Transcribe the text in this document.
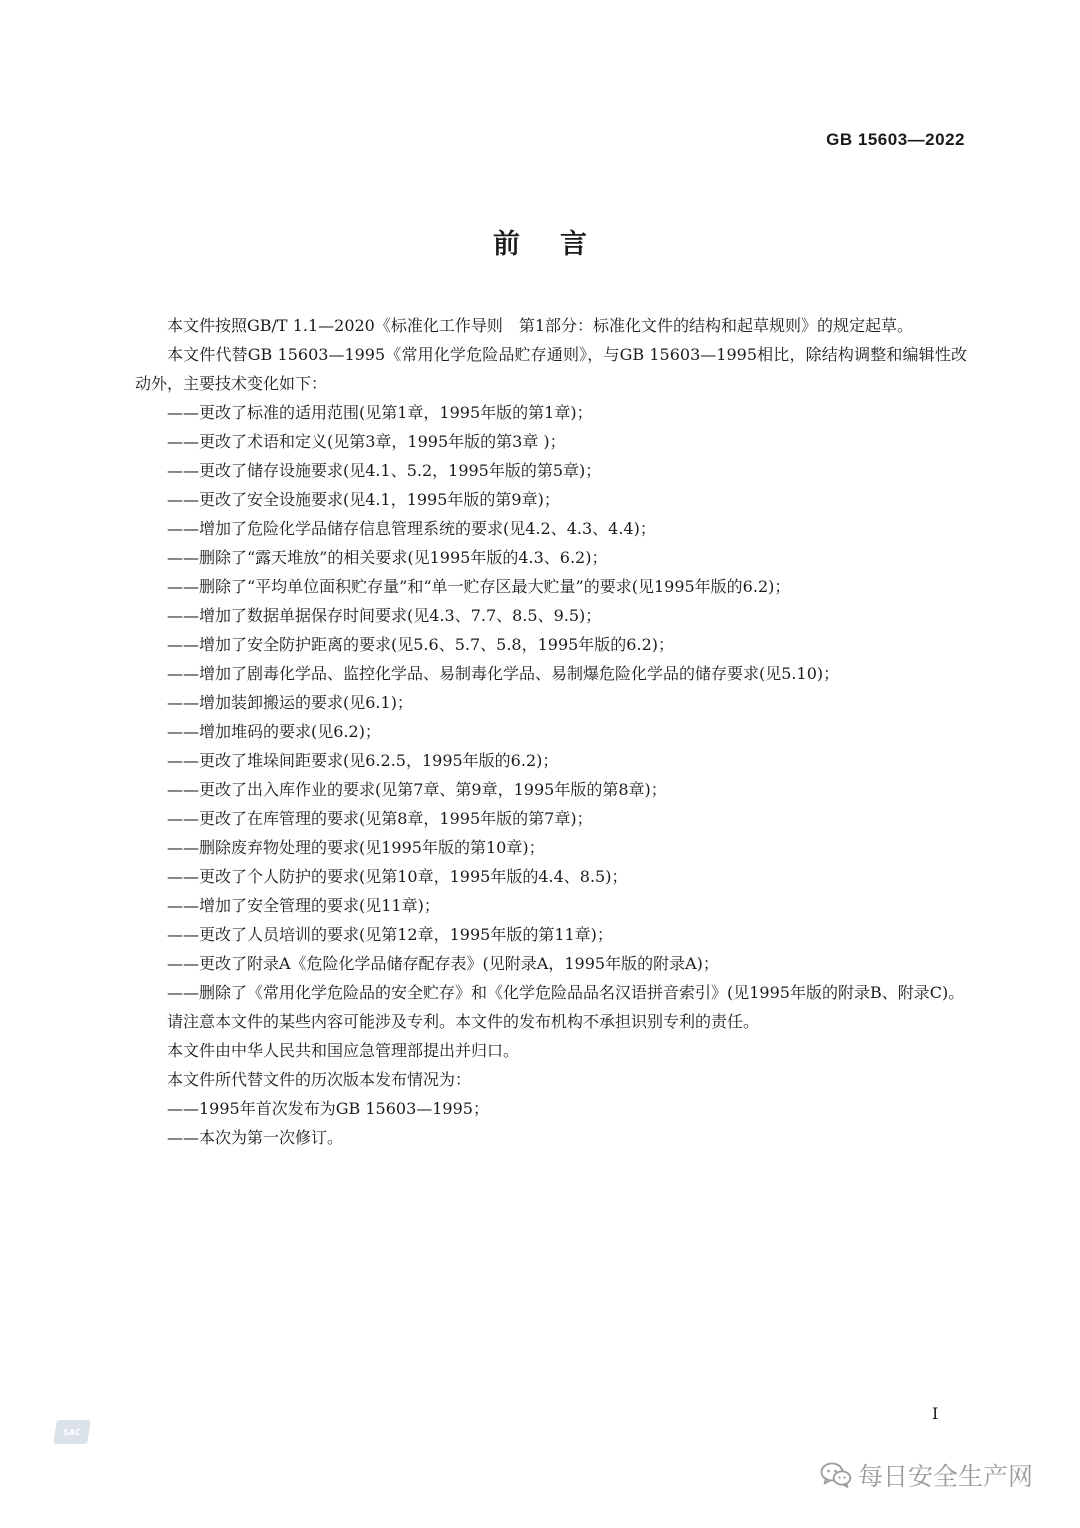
GB 15603—2022
前言

本文件按照GB/T 1.1—2020《标准化工作导则　第1部分：标准化文件的结构和起草规则》的规定起草。

本文件代替GB 15603—1995《常用化学危险品贮存通则》，与GB 15603—1995相比，除结构调整和编辑性改动外，主要技术变化如下：

——更改了标准的适用范围(见第1章，1995年版的第1章)；

——更改了术语和定义(见第3章，1995年版的第3章 )；

——更改了储存设施要求(见4.1、5.2，1995年版的第5章)；

——更改了安全设施要求(见4.1，1995年版的第9章)；

——增加了危险化学品储存信息管理系统的要求(见4.2、4.3、4.4)；

——删除了“露天堆放”的相关要求(见1995年版的4.3、6.2)；

——删除了“平均单位面积贮存量”和“单一贮存区最大贮量”的要求(见1995年版的6.2)；

——增加了数据单据保存时间要求(见4.3、7.7、8.5、9.5)；

——增加了安全防护距离的要求(见5.6、5.7、5.8，1995年版的6.2)；

——增加了剧毒化学品、监控化学品、易制毒化学品、易制爆危险化学品的储存要求(见5.10)；

——增加装卸搬运的要求(见6.1)；

——增加堆码的要求(见6.2)；

——更改了堆垛间距要求(见6.2.5，1995年版的6.2)；

——更改了出入库作业的要求(见第7章、第9章，1995年版的第8章)；

——更改了在库管理的要求(见第8章，1995年版的第7章)；

——删除废弃物处理的要求(见1995年版的第10章)；

——更改了个人防护的要求(见第10章，1995年版的4.4、8.5)；

——增加了安全管理的要求(见11章)；

——更改了人员培训的要求(见第12章，1995年版的第11章)；

——更改了附录A《危险化学品储存配存表》(见附录A，1995年版的附录A)；

——删除了《常用化学危险品的安全贮存》和《化学危险品品名汉语拼音索引》(见1995年版的附录B、附录C)。

请注意本文件的某些内容可能涉及专利。本文件的发布机构不承担识别专利的责任。

本文件由中华人民共和国应急管理部提出并归口。

本文件所代替文件的历次版本发布情况为：

——1995年首次发布为GB 15603—1995；

——本次为第一次修订。

I
SAC
每日安全生产网
